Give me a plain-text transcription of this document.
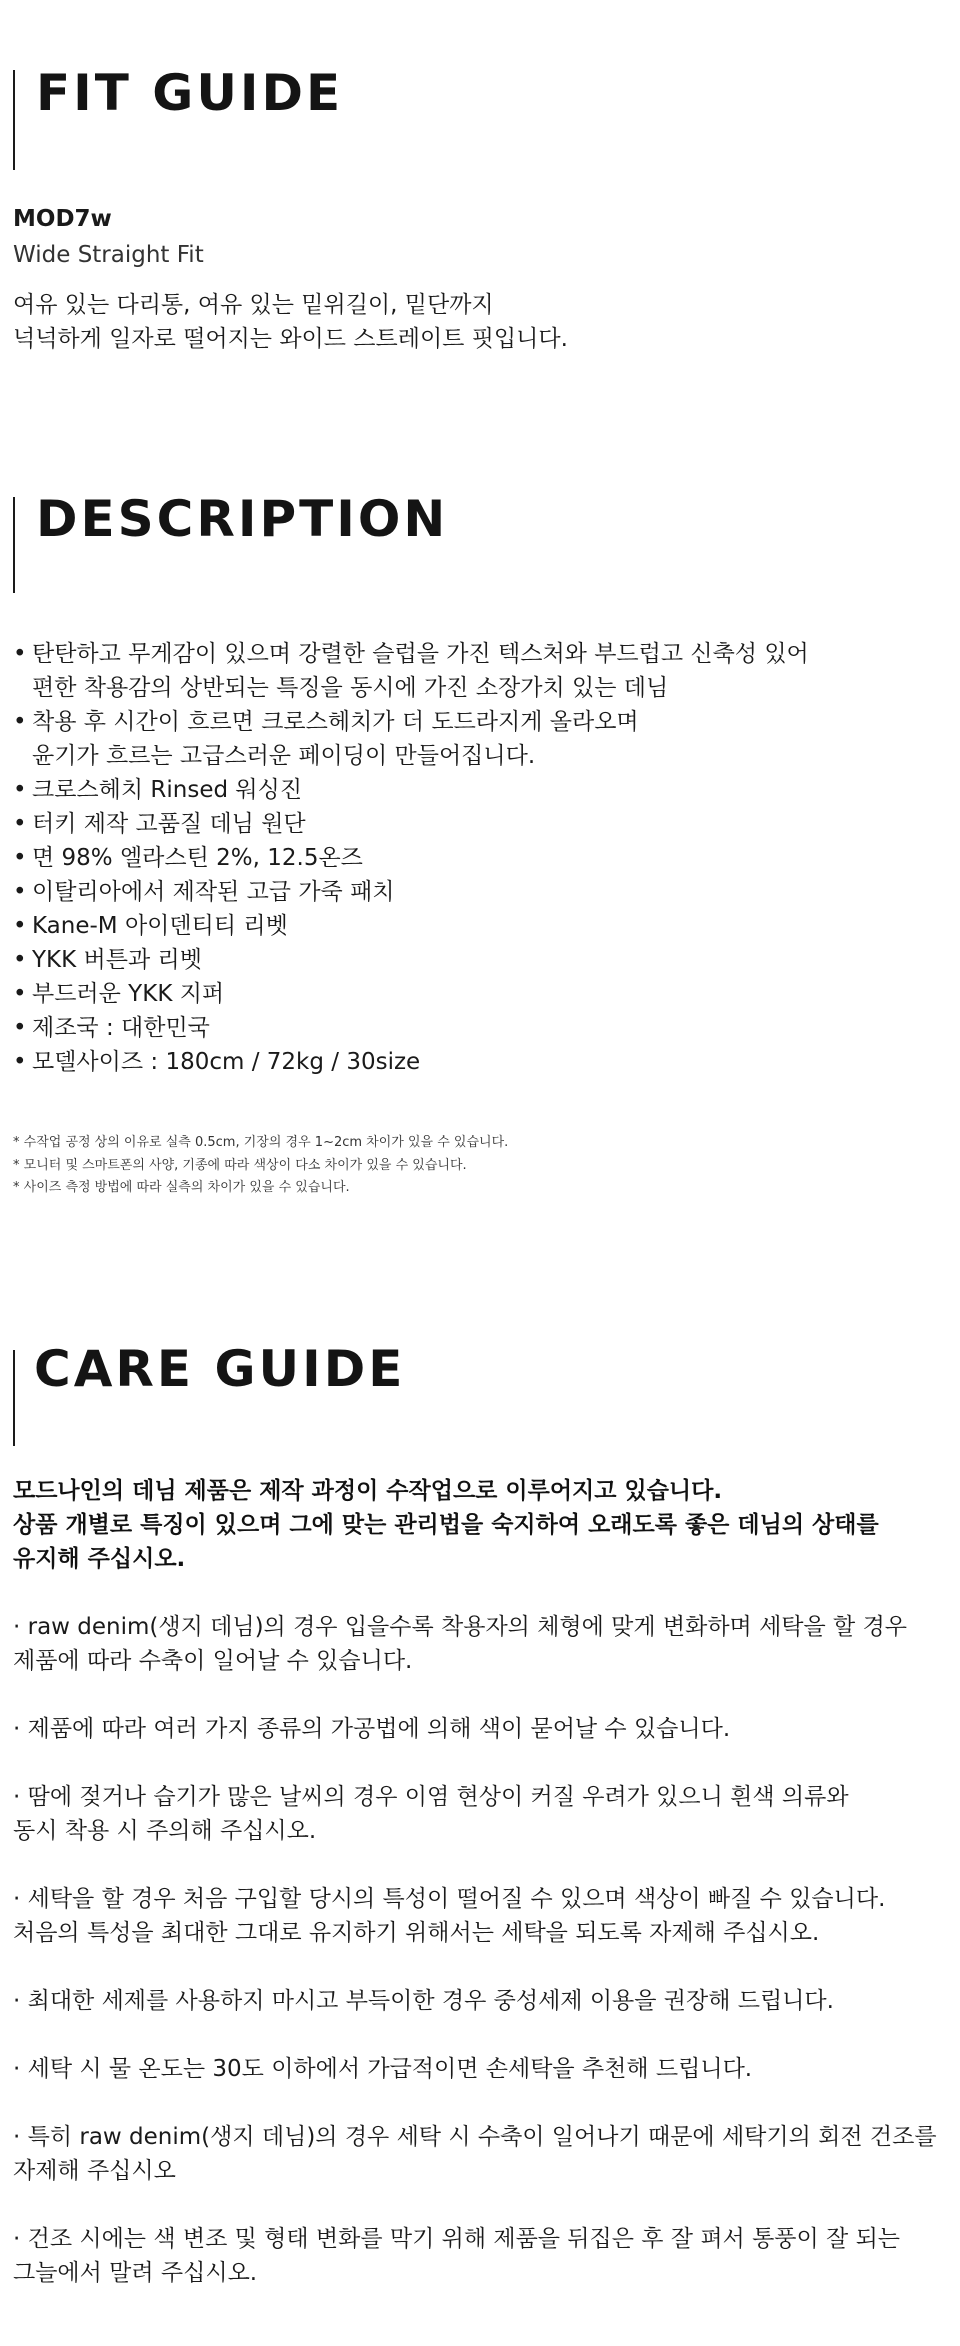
FIT GUIDE

MOD7w

Wide Straight Fit

여유 있는 다리통, 여유 있는 밑위길이, 밑단까지
넉넉하게 일자로 떨어지는 와이드 스트레이트 핏입니다.

DESCRIPTION
• 탄탄하고 무게감이 있으며 강렬한 슬럽을 가진 텍스처와 부드럽고 신축성 있어
편한 착용감의 상반되는 특징을 동시에 가진 소장가치 있는 데님
• 착용 후 시간이 흐르면 크로스헤치가 더 도드라지게 올라오며
윤기가 흐르는 고급스러운 페이딩이 만들어집니다.
• 크로스헤치 Rinsed 워싱진
• 터키 제작 고품질 데님 원단
• 면 98% 엘라스틴 2%, 12.5온즈
• 이탈리아에서 제작된 고급 가죽 패치
• Kane-M 아이덴티티 리벳
• YKK 버튼과 리벳
• 부드러운 YKK 지퍼
• 제조국 : 대한민국
• 모델사이즈 : 180cm / 72kg / 30size
* 수작업 공정 상의 이유로 실측 0.5cm, 기장의 경우 1~2cm 차이가 있을 수 있습니다.
* 모니터 및 스마트폰의 사양, 기종에 따라 색상이 다소 차이가 있을 수 있습니다.
* 사이즈 측정 방법에 따라 실측의 차이가 있을 수 있습니다.
CARE GUIDE

모드나인의 데님 제품은 제작 과정이 수작업으로 이루어지고 있습니다.
상품 개별로 특징이 있으며 그에 맞는 관리법을 숙지하여 오래도록 좋은 데님의 상태를
유지해 주십시오.

· raw denim(생지 데님)의 경우 입을수록 착용자의 체형에 맞게 변화하며 세탁을 할 경우
제품에 따라 수축이 일어날 수 있습니다.
· 제품에 따라 여러 가지 종류의 가공법에 의해 색이 묻어날 수 있습니다.
· 땀에 젖거나 습기가 많은 날씨의 경우 이염 현상이 커질 우려가 있으니 흰색 의류와
동시 착용 시 주의해 주십시오.
· 세탁을 할 경우 처음 구입할 당시의 특성이 떨어질 수 있으며 색상이 빠질 수 있습니다.
처음의 특성을 최대한 그대로 유지하기 위해서는 세탁을 되도록 자제해 주십시오.
· 최대한 세제를 사용하지 마시고 부득이한 경우 중성세제 이용을 권장해 드립니다.
· 세탁 시 물 온도는 30도 이하에서 가급적이면 손세탁을 추천해 드립니다.
· 특히 raw denim(생지 데님)의 경우 세탁 시 수축이 일어나기 때문에 세탁기의 회전 건조를
자제해 주십시오
· 건조 시에는 색 변조 및 형태 변화를 막기 위해 제품을 뒤집은 후 잘 펴서 통풍이 잘 되는
그늘에서 말려 주십시오.
